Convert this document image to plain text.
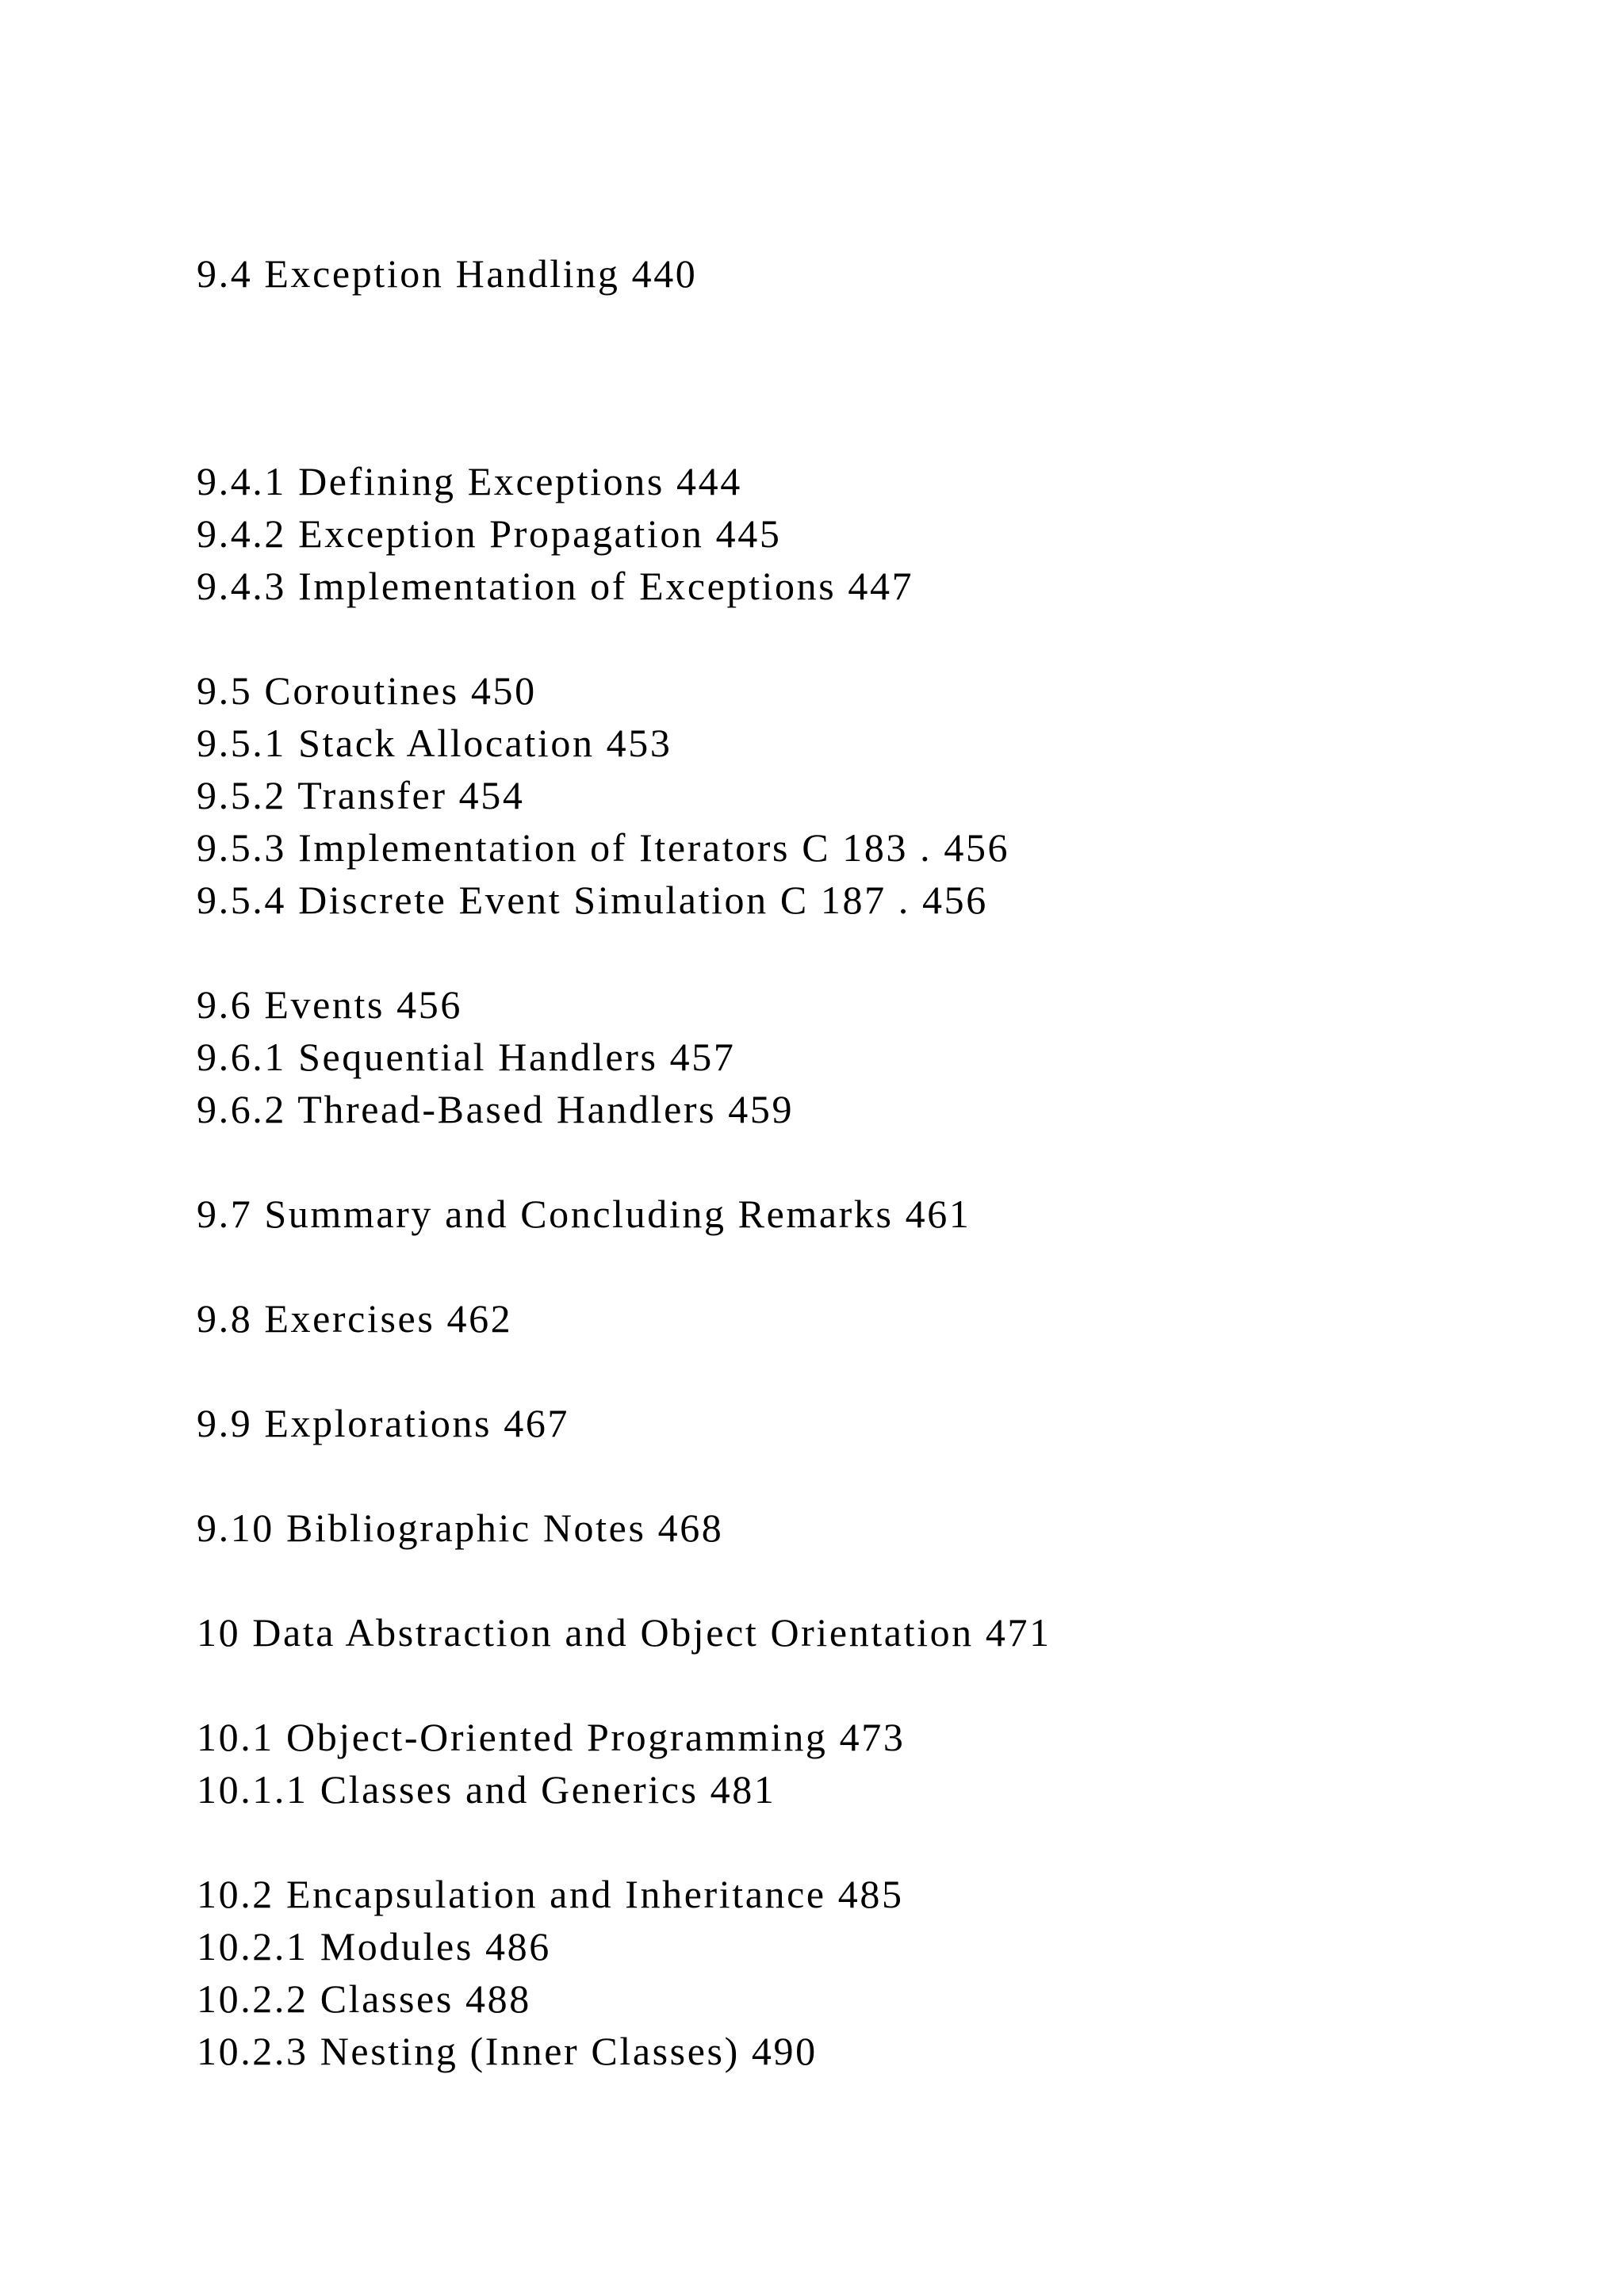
9.4 Exception Handling 440
9.4.1 Defining Exceptions 444
9.4.2 Exception Propagation 445
9.4.3 Implementation of Exceptions 447
9.5 Coroutines 450
9.5.1 Stack Allocation 453
9.5.2 Transfer 454
9.5.3 Implementation of Iterators C 183 . 456
9.5.4 Discrete Event Simulation C 187 . 456
9.6 Events 456
9.6.1 Sequential Handlers 457
9.6.2 Thread-Based Handlers 459
9.7 Summary and Concluding Remarks 461
9.8 Exercises 462
9.9 Explorations 467
9.10 Bibliographic Notes 468
10 Data Abstraction and Object Orientation 471
10.1 Object-Oriented Programming 473
10.1.1 Classes and Generics 481
10.2 Encapsulation and Inheritance 485
10.2.1 Modules 486
10.2.2 Classes 488
10.2.3 Nesting (Inner Classes) 490
